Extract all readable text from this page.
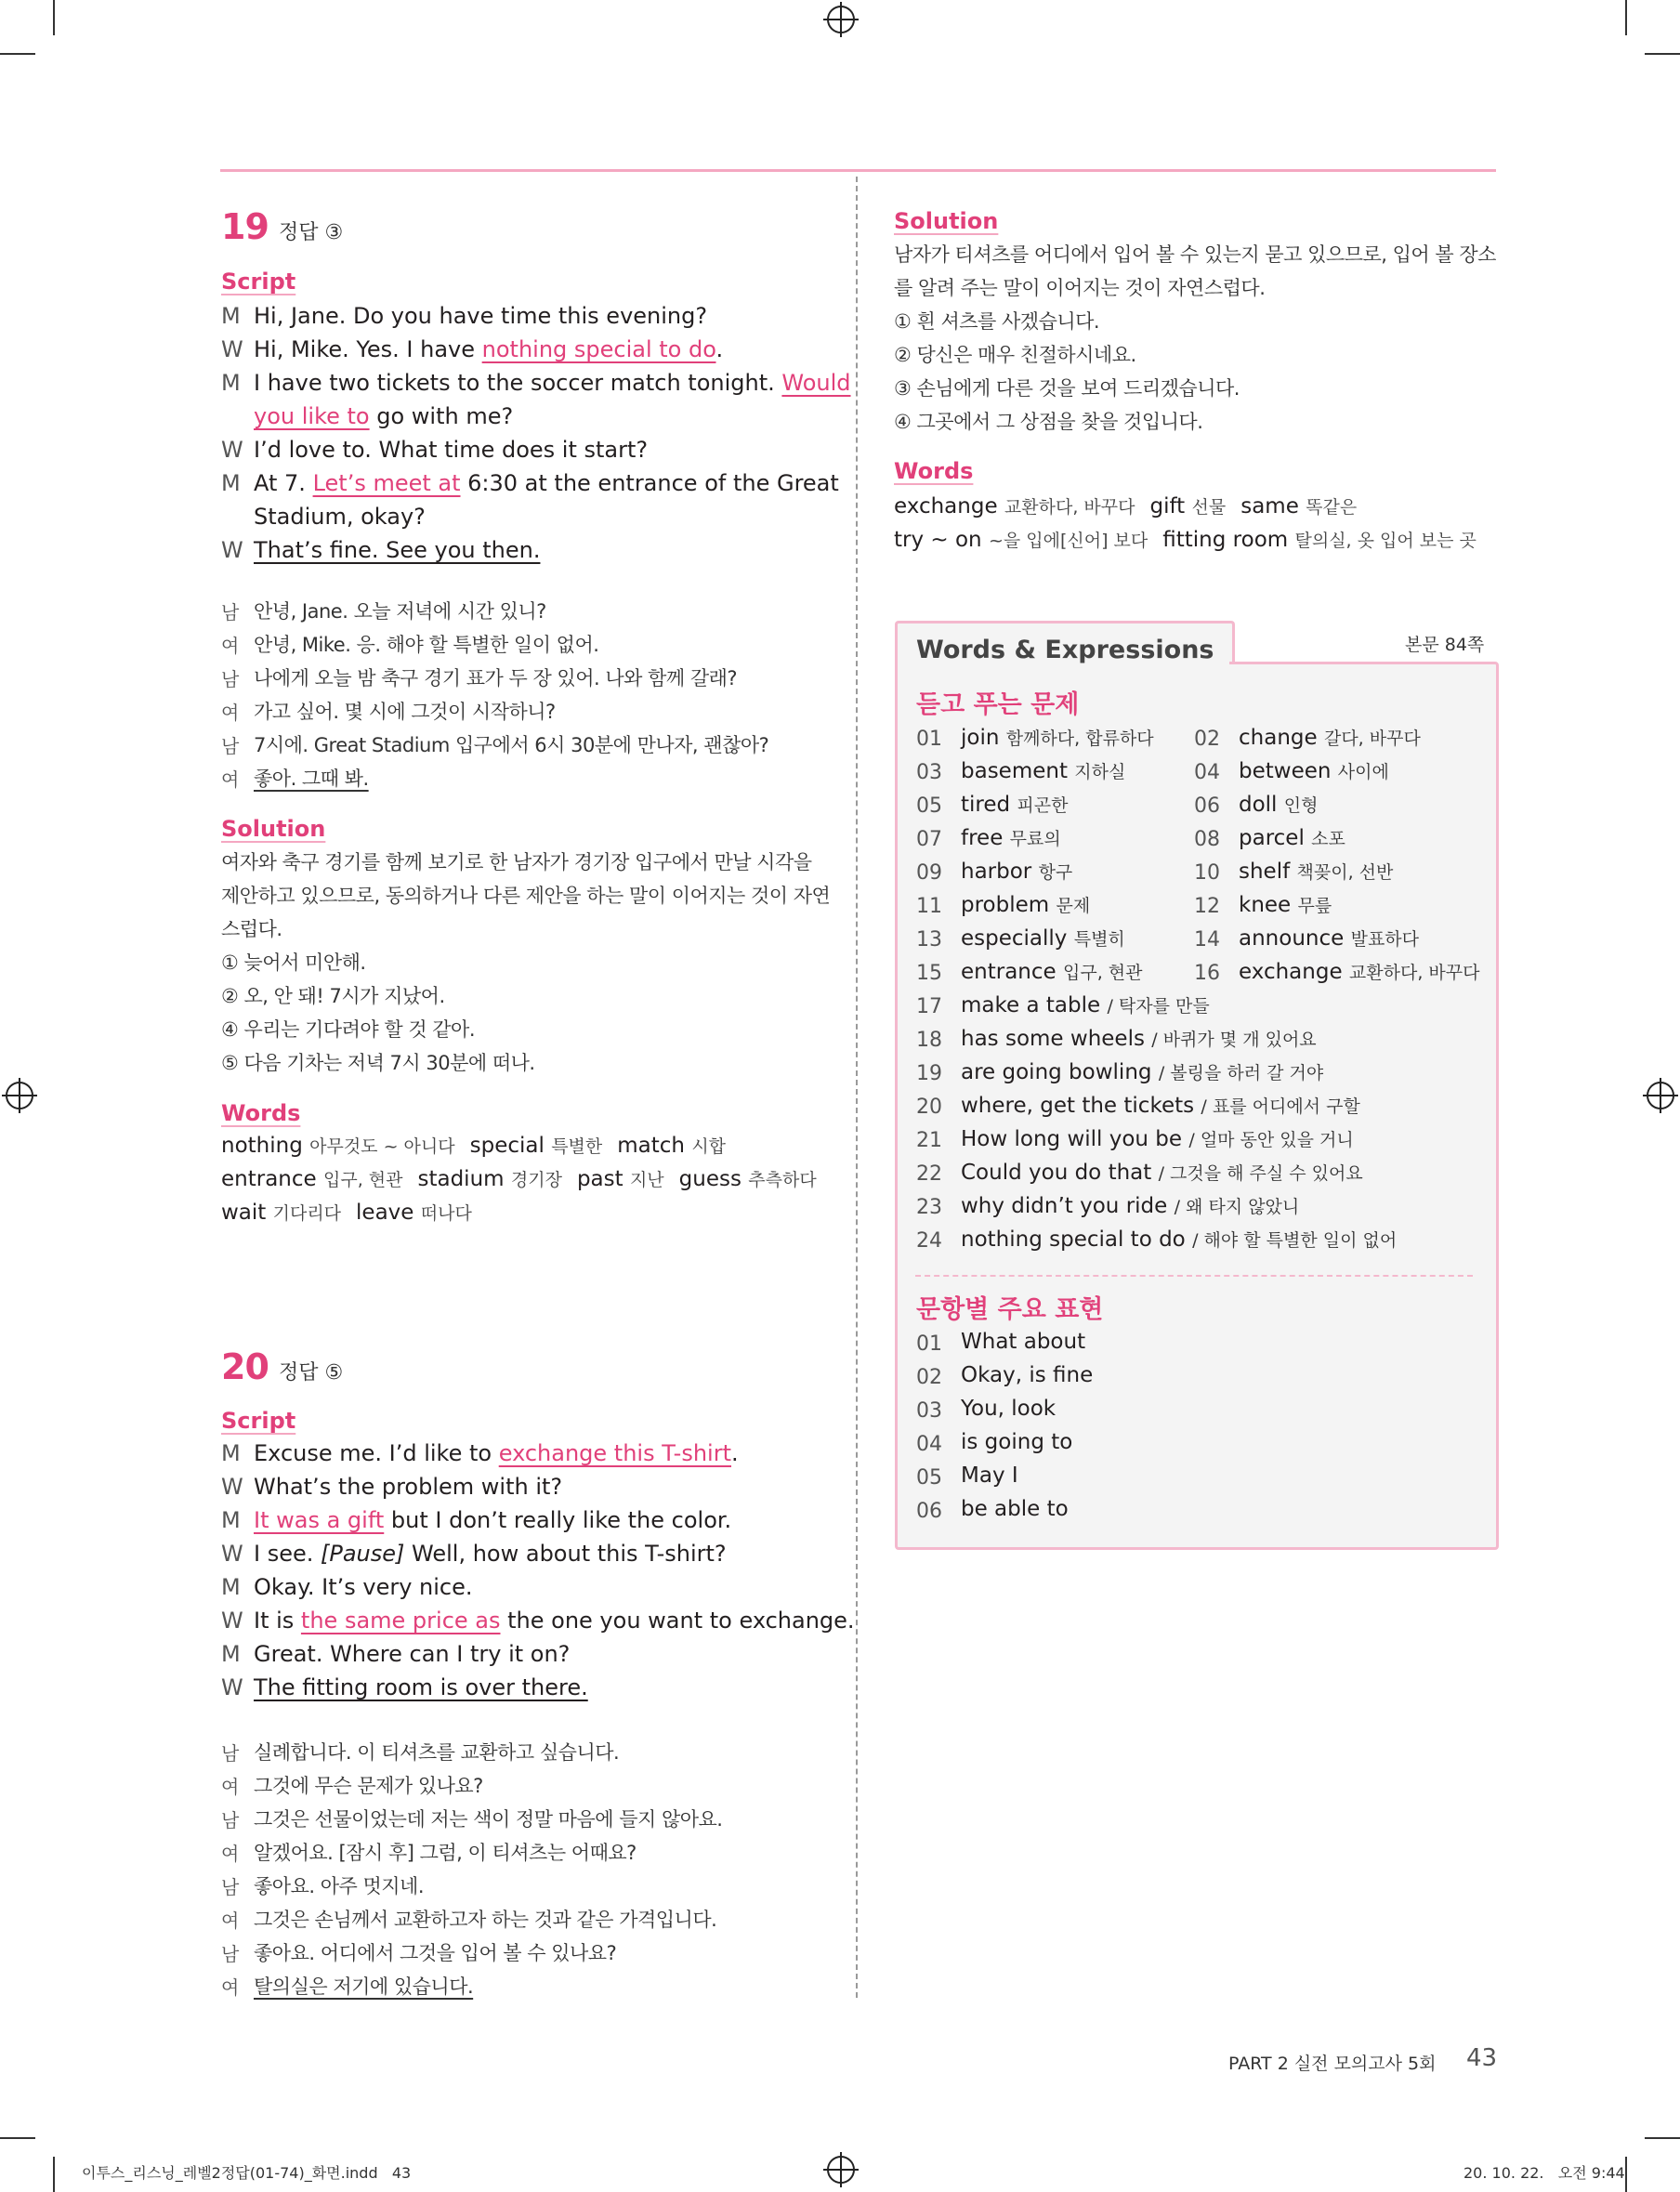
19 정답 ③
Script
M Hi, Jane. Do you have time this evening?
W Hi, Mike. Yes. I have nothing special to do.
M I have two tickets to the soccer match tonight. Would
you like to go with me?
W I’d love to. What time does it start?
M At 7. Let’s meet at 6:30 at the entrance of the Great
Stadium, okay?
W That’s fine. See you then.
남 안녕, Jane. 오늘 저녁에 시간 있니?
여 안녕, Mike. 응. 해야 할 특별한 일이 없어.
남 나에게 오늘 밤 축구 경기 표가 두 장 있어. 나와 함께 갈래?
여 가고 싶어. 몇 시에 그것이 시작하니?
남 7시에. Great Stadium 입구에서 6시 30분에 만나자, 괜찮아?
여 좋아. 그때 봐.
Solution
여자와 축구 경기를 함께 보기로 한 남자가 경기장 입구에서 만날 시각을
제안하고 있으므로, 동의하거나 다른 제안을 하는 말이 이어지는 것이 자연
스럽다.
① 늦어서 미안해.
② 오, 안 돼! 7시가 지났어.
④ 우리는 기다려야 할 것 같아.
⑤ 다음 기차는 저녁 7시 30분에 떠나.
Words
nothing 아무것도 ~ 아니다 special 특별한 match 시합
entrance 입구, 현관 stadium 경기장 past 지난 guess 추측하다
wait 기다리다 leave 떠나다
20 정답 ⑤
Script
M Excuse me. I’d like to exchange this T-shirt.
W What’s the problem with it?
M It was a gift but I don’t really like the color.
W I see. [Pause] Well, how about this T-shirt?
M Okay. It’s very nice.
W It is the same price as the one you want to exchange.
M Great. Where can I try it on?
W The fitting room is over there.
남 실례합니다. 이 티셔츠를 교환하고 싶습니다.
여 그것에 무슨 문제가 있나요?
남 그것은 선물이었는데 저는 색이 정말 마음에 들지 않아요.
여 알겠어요. [잠시 후] 그럼, 이 티셔츠는 어때요?
남 좋아요. 아주 멋지네.
여 그것은 손님께서 교환하고자 하는 것과 같은 가격입니다.
남 좋아요. 어디에서 그것을 입어 볼 수 있나요?
여 탈의실은 저기에 있습니다.
Solution
남자가 티셔츠를 어디에서 입어 볼 수 있는지 묻고 있으므로, 입어 볼 장소
를 알려 주는 말이 이어지는 것이 자연스럽다.
① 흰 셔츠를 사겠습니다.
② 당신은 매우 친절하시네요.
③ 손님에게 다른 것을 보여 드리겠습니다.
④ 그곳에서 그 상점을 찾을 것입니다.
Words
exchange 교환하다, 바꾸다 gift 선물 same 똑같은
try ~ on ~을 입에[신어] 보다 fitting room 탈의실, 옷 입어 보는 곳
Words & Expressions	본문 84쪽
듣고 푸는 문제
01 join 함께하다, 합류하다 02 change 갈다, 바꾸다
03 basement 지하실	04 between 사이에
05 tired 피곤한	06 doll 인형
07 free 무료의	08 parcel 소포
09 harbor 항구	10 shelf 책꽂이, 선반
11 problem 문제	12 knee 무릎
13 especially 특별히	14 announce 발표하다
15 entrance 입구, 현관	16 exchange 교환하다, 바꾸다
17 make a table / 탁자를 만들
18 has some wheels / 바퀴가 몇 개 있어요
19 are going bowling / 볼링을 하러 갈 거야
20 where, get the tickets / 표를 어디에서 구할
21 How long will you be / 얼마 동안 있을 거니
22 Could you do that / 그것을 해 주실 수 있어요
23 why didn’t you ride / 왜 타지 않았니
24 nothing special to do / 해야 할 특별한 일이 없어
문항별 주요 표현
01 What about
02 Okay, is fine
03 You, look
04 is going to
05 May I
06 be able to
PART 2 실전 모의고사 5회 43
이투스_리스닝_레벨2정답(01-74)_화면.indd   43	20. 10. 22.   오전 9:44
